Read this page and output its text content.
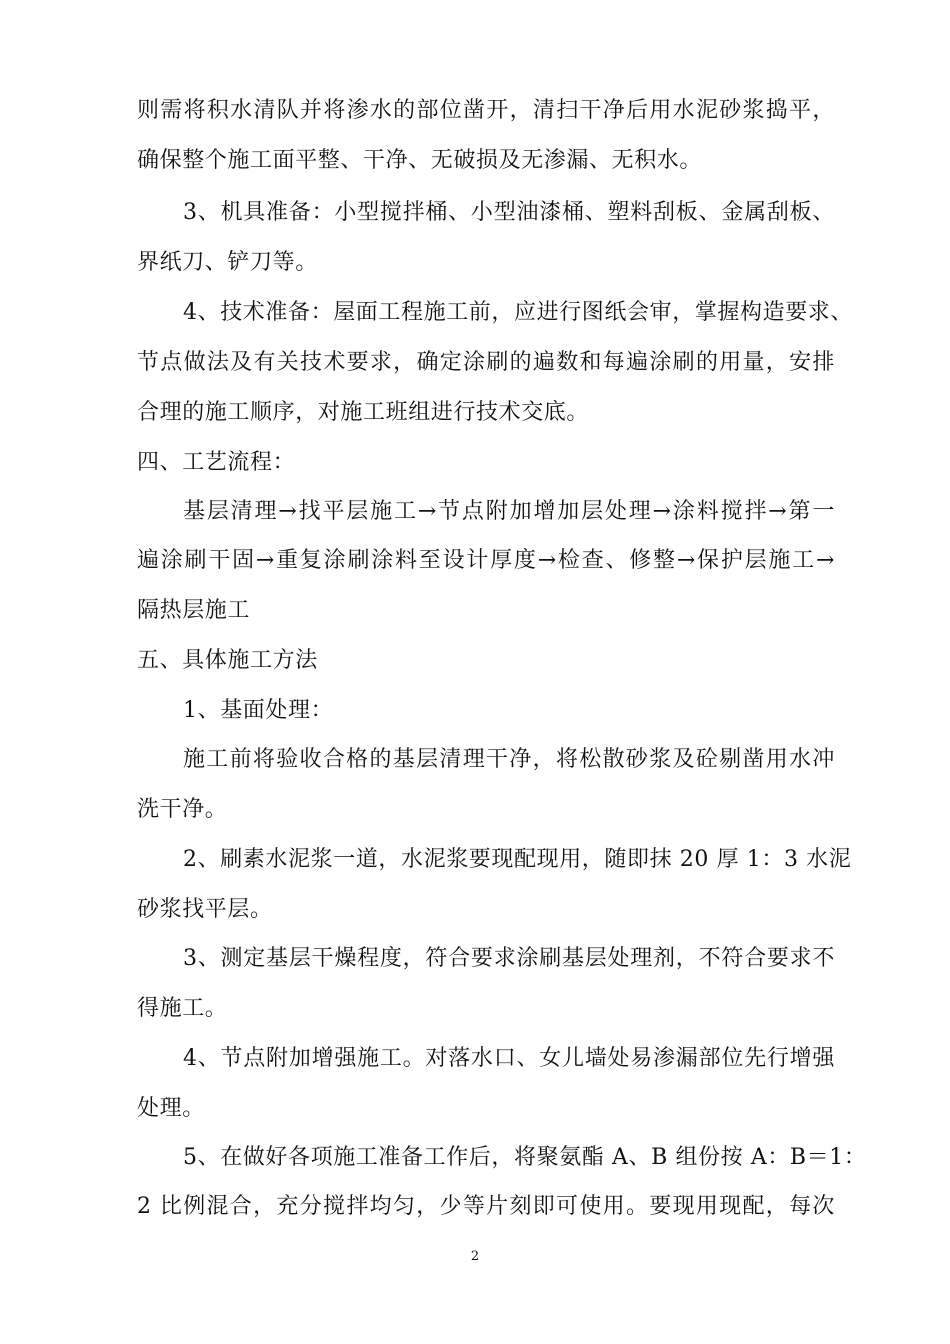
则需将积水清队并将渗水的部位凿开，清扫干净后用水泥砂浆捣平，
确保整个施工面平整、干净、无破损及无渗漏、无积水。
3、机具准备：小型搅拌桶、小型油漆桶、塑料刮板、金属刮板、
界纸刀、铲刀等。
4、技术准备：屋面工程施工前，应进行图纸会审，掌握构造要求、
节点做法及有关技术要求，确定涂刷的遍数和每遍涂刷的用量，安排
合理的施工顺序，对施工班组进行技术交底。
四、工艺流程：
基层清理→找平层施工→节点附加增加层处理→涂料搅拌→第一
遍涂刷干固→重复涂刷涂料至设计厚度→检查、修整→保护层施工→
隔热层施工
五、具体施工方法
1、基面处理：
施工前将验收合格的基层清理干净，将松散砂浆及砼剔凿用水冲
洗干净。
2、刷素水泥浆一道，水泥浆要现配现用，随即抹 20 厚 1：3 水泥
砂浆找平层。
3、测定基层干燥程度，符合要求涂刷基层处理剂，不符合要求不
得施工。
4、节点附加增强施工。对落水口、女儿墙处易渗漏部位先行增强
处理。
5、在做好各项施工准备工作后，将聚氨酯 A、B 组份按 A：B＝1：
2 比例混合，充分搅拌均匀，少等片刻即可使用。要现用现配，每次
2
